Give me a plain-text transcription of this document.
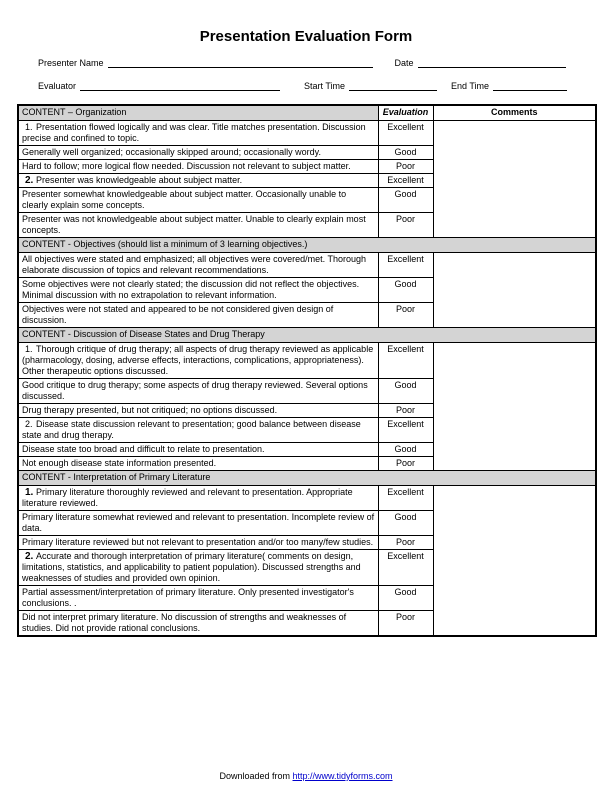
Presentation Evaluation Form
Presenter Name	Date
Evaluator	Start Time	End Time
CONTENT – Organization	Evaluation	Comments

1. Presentation flowed logically and was clear. Title matches presentation. Discussion precise and confined to topic.	Excellent	

Generally well organized; occasionally skipped around; occasionally wordy.	Good	

Hard to follow; more logical flow needed. Discussion not relevant to subject matter.	Poor	

2. Presenter was knowledgeable about subject matter.	Excellent	

Presenter somewhat knowledgeable about subject matter. Occasionally unable to clearly explain some concepts.	Good	

Presenter was not knowledgeable about subject matter. Unable to clearly explain most concepts.	Poor	
CONTENT - Objectives (should list a minimum of 3 learning objectives.)		

All objectives were stated and emphasized; all objectives were covered/met. Thorough elaborate discussion of topics and relevant recommendations.	Excellent	

Some objectives were not clearly stated; the discussion did not reflect the objectives. Minimal discussion with no extrapolation to relevant information.	Good	

Objectives were not stated and appeared to be not considered given design of discussion.	Poor	
CONTENT - Discussion of Disease States and Drug Therapy		

1. Thorough critique of drug therapy; all aspects of drug therapy reviewed as applicable (pharmacology, dosing, adverse effects, interactions, complications, appropriateness). Other therapeutic options discussed.	Excellent	

Good critique to drug therapy; some aspects of drug therapy reviewed. Several options discussed.	Good	

Drug therapy presented, but not critiqued; no options discussed.	Poor	

2. Disease state discussion relevant to presentation; good balance between disease state and drug therapy.	Excellent	

Disease state too broad and difficult to relate to presentation.	Good	

Not enough disease state information presented.	Poor	
CONTENT - Interpretation of Primary Literature		

1. Primary literature thoroughly reviewed and relevant to presentation. Appropriate literature reviewed.	Excellent	

Primary literature somewhat reviewed and relevant to presentation. Incomplete review of data.	Good	

Primary literature reviewed but not relevant to presentation and/or too many/few studies.	Poor	

2. Accurate and thorough interpretation of primary literature( comments on design, limitations, statistics, and applicability to patient population). Discussed strengths and weaknesses of studies and provided own opinion.	Excellent	

Partial assessment/interpretation of primary literature. Only presented investigator's conclusions. .	Good	

Did not interpret primary literature. No discussion of strengths and weaknesses of studies. Did not provide rational conclusions.	Poor	
Downloaded from http://www.tidyforms.com
